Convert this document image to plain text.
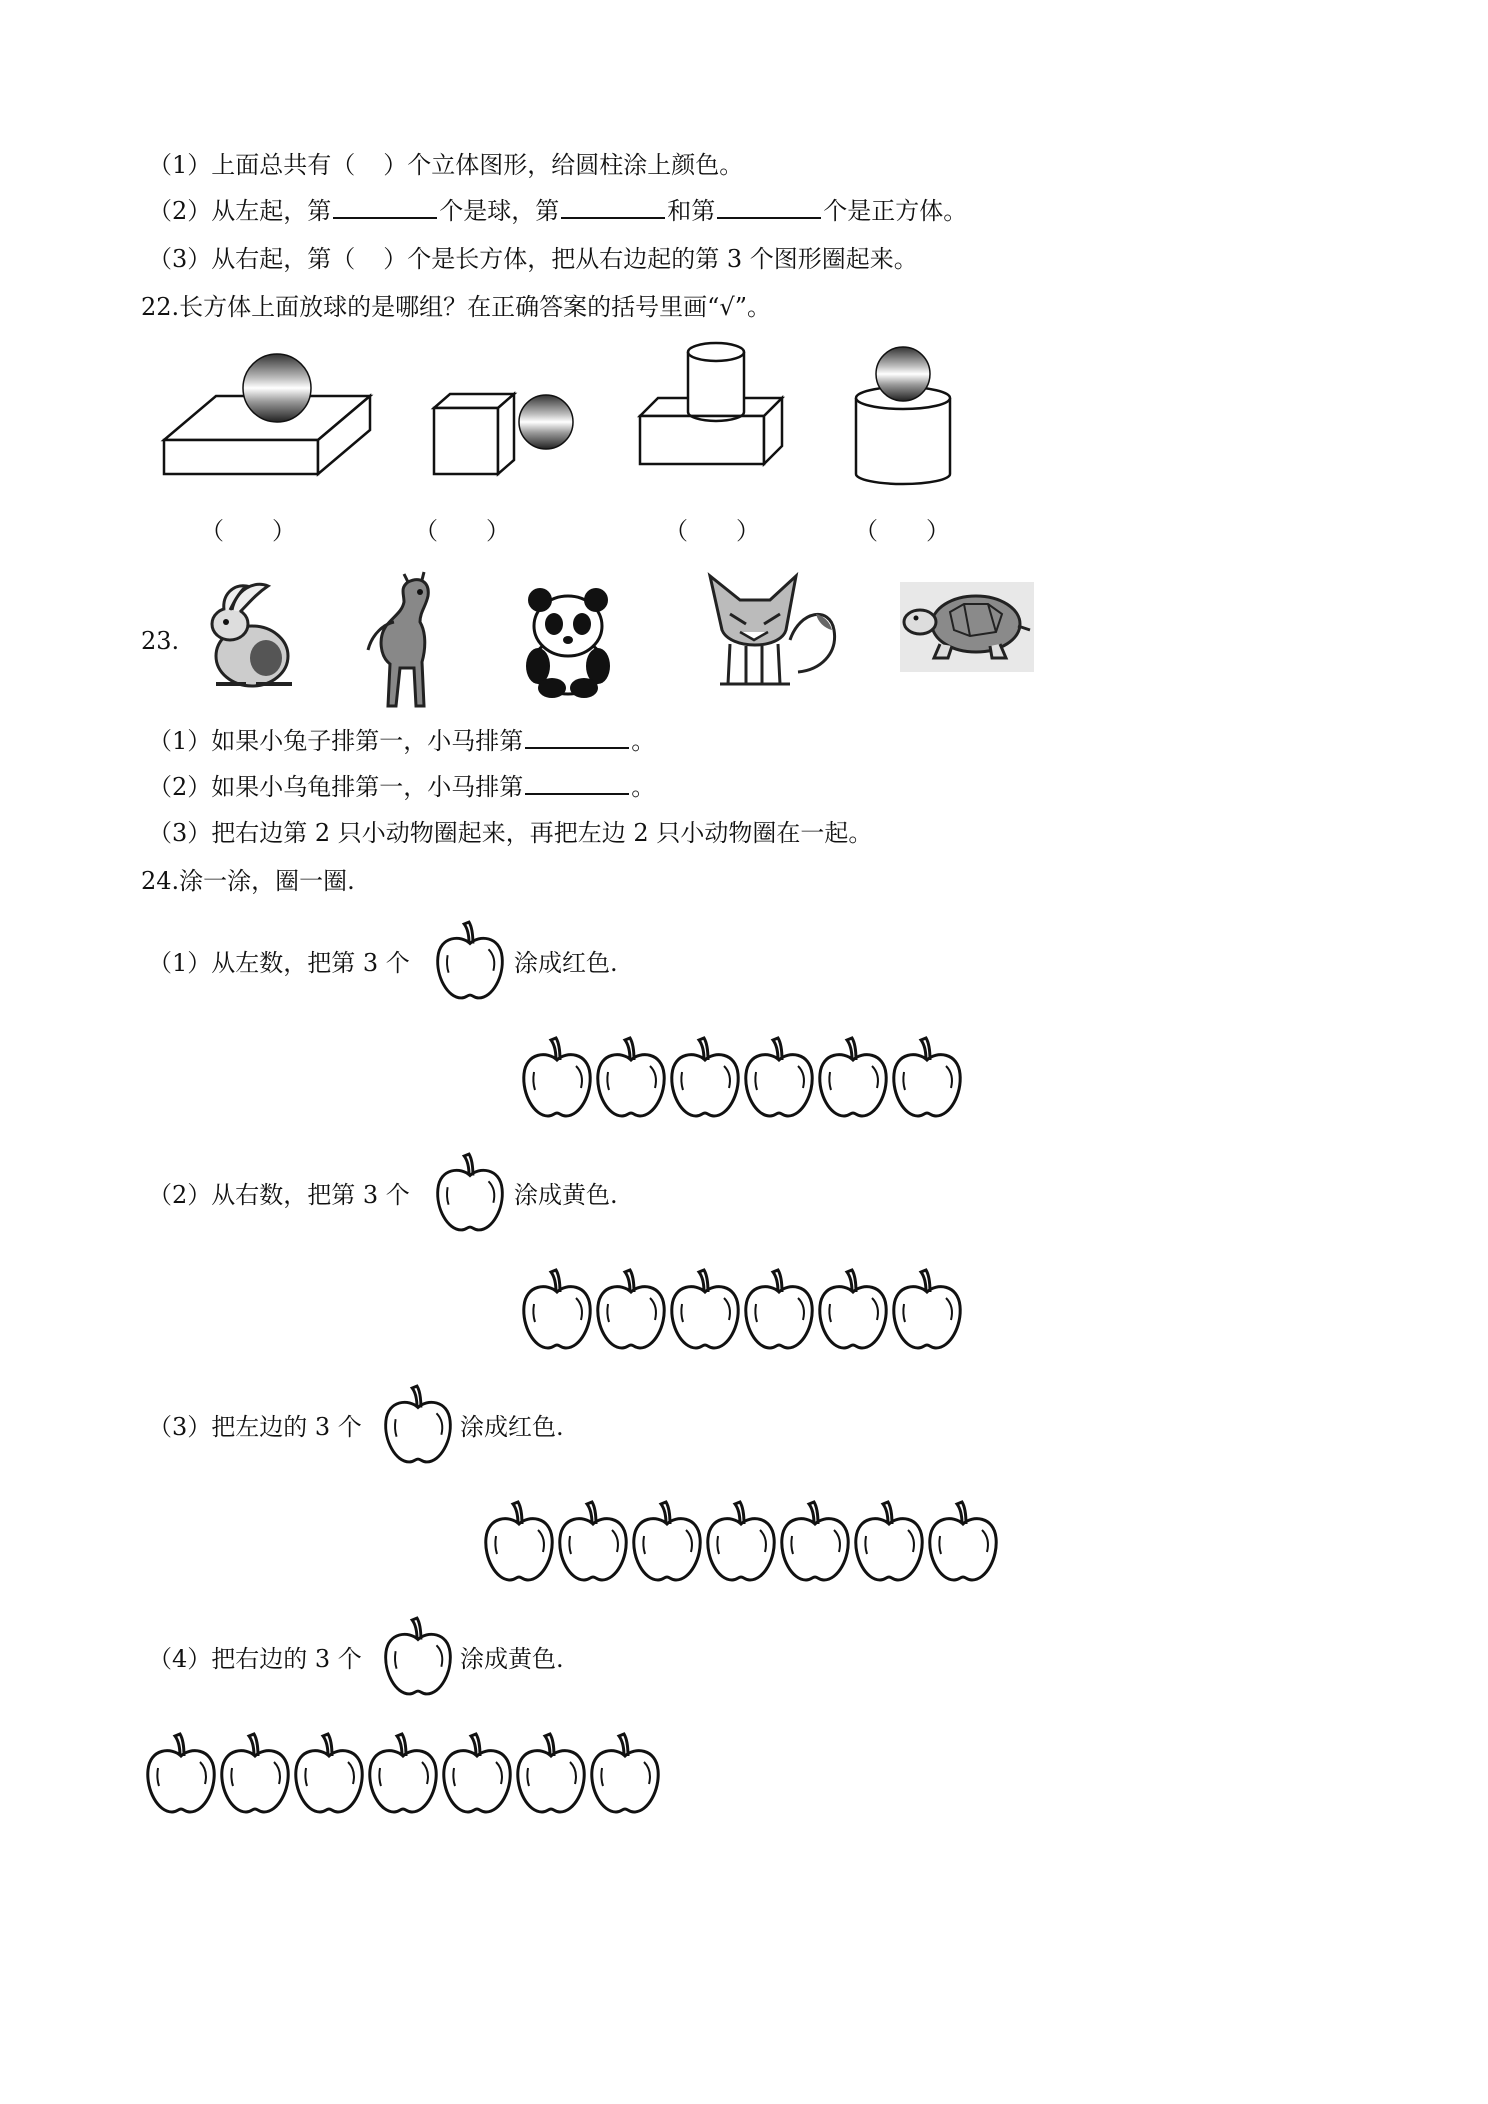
（1）上面总共有（ ）个立体图形，给圆柱涂上颜色。
（2）从左起，第	个是球，第	和第	个是正方体。
（3）从右起，第（ ）个是长方体，把从右边起的第 3 个图形圈起来。
22.长方体上面放球的是哪组？在正确答案的括号里画“√”。
（　　）	（　　）	（　　）	（　　）
23.
（1）如果小兔子排第一，小马排第	。
（2）如果小乌龟排第一，小马排第	。
（3）把右边第 2 只小动物圈起来，再把左边 2 只小动物圈在一起。
24.涂一涂，圈一圈.
（1）从左数，把第 3 个	涂成红色.
（2）从右数，把第 3 个	涂成黄色.
（3）把左边的 3 个	涂成红色.
（4）把右边的 3 个	涂成黄色.
